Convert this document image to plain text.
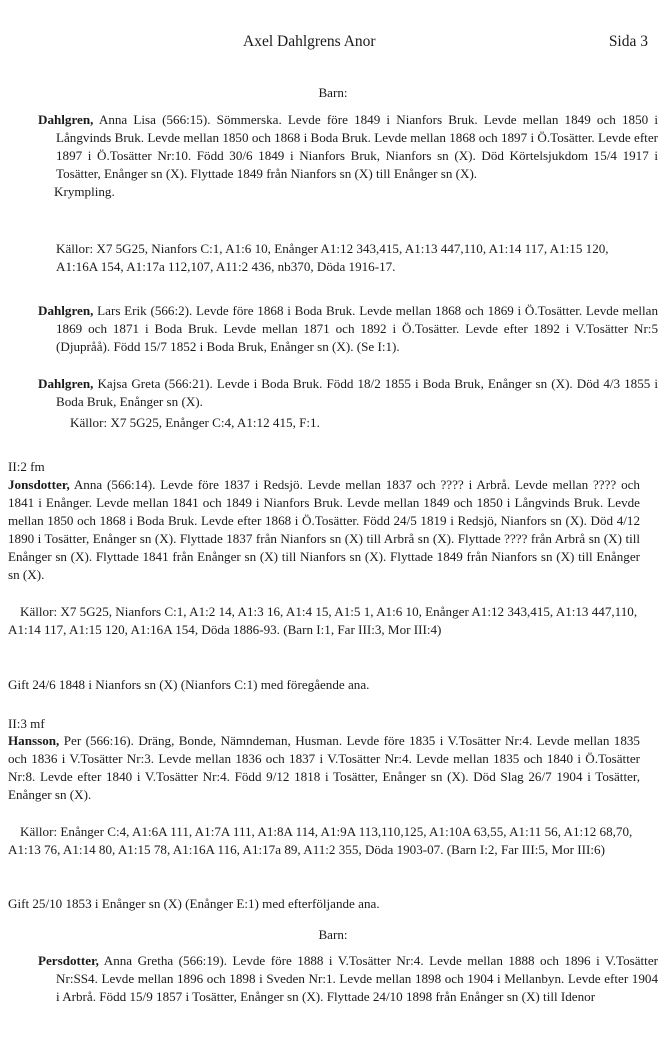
Axel Dahlgrens Anor	Sida 3
Barn:
Dahlgren, Anna Lisa (566:15). Sömmerska. Levde före 1849 i Nianfors Bruk. Levde mellan 1849 och 1850 i Långvinds Bruk. Levde mellan 1850 och 1868 i Boda Bruk. Levde mellan 1868 och 1897 i Ö.Tosätter. Levde efter 1897 i Ö.Tosätter Nr:10. Född 30/6 1849 i Nianfors Bruk, Nianfors sn (X). Död Körtelsjukdom 15/4 1917 i Tosätter, Enånger sn (X). Flyttade 1849 från Nianfors sn (X) till Enånger sn (X).
Krympling.
Källor: X7 5G25, Nianfors C:1, A1:6 10, Enånger A1:12 343,415, A1:13 447,110, A1:14 117, A1:15 120, A1:16A 154, A1:17a 112,107, A11:2 436, nb370, Döda 1916-17.
Dahlgren, Lars Erik (566:2). Levde före 1868 i Boda Bruk. Levde mellan 1868 och 1869 i Ö.Tosätter. Levde mellan 1869 och 1871 i Boda Bruk. Levde mellan 1871 och 1892 i Ö.Tosätter. Levde efter 1892 i V.Tosätter Nr:5 (Djupråå). Född 15/7 1852 i Boda Bruk, Enånger sn (X). (Se I:1).
Dahlgren, Kajsa Greta (566:21). Levde i Boda Bruk. Född 18/2 1855 i Boda Bruk, Enånger sn (X). Död 4/3 1855 i Boda Bruk, Enånger sn (X).
Källor: X7 5G25, Enånger C:4, A1:12 415, F:1.
II:2 fm
Jonsdotter, Anna (566:14). Levde före 1837 i Redsjö. Levde mellan 1837 och ???? i Arbrå. Levde mellan ???? och 1841 i Enånger. Levde mellan 1841 och 1849 i Nianfors Bruk. Levde mellan 1849 och 1850 i Långvinds Bruk. Levde mellan 1850 och 1868 i Boda Bruk. Levde efter 1868 i Ö.Tosätter. Född 24/5 1819 i Redsjö, Nianfors sn (X). Död 4/12 1890 i Tosätter, Enånger sn (X). Flyttade 1837 från Nianfors sn (X) till Arbrå sn (X). Flyttade ???? från Arbrå sn (X) till Enånger sn (X). Flyttade 1841 från Enånger sn (X) till Nianfors sn (X). Flyttade 1849 från Nianfors sn (X) till Enånger sn (X).
Källor: X7 5G25, Nianfors C:1, A1:2 14, A1:3 16, A1:4 15, A1:5 1, A1:6 10, Enånger A1:12 343,415, A1:13 447,110, A1:14 117, A1:15 120, A1:16A 154, Döda 1886-93. (Barn I:1, Far III:3, Mor III:4)
Gift 24/6 1848 i Nianfors sn (X) (Nianfors C:1) med föregående ana.
II:3 mf
Hansson, Per (566:16). Dräng, Bonde, Nämndeman, Husman. Levde före 1835 i V.Tosätter Nr:4. Levde mellan 1835 och 1836 i V.Tosätter Nr:3. Levde mellan 1836 och 1837 i V.Tosätter Nr:4. Levde mellan 1835 och 1840 i Ö.Tosätter Nr:8. Levde efter 1840 i V.Tosätter Nr:4. Född 9/12 1818 i Tosätter, Enånger sn (X). Död Slag 26/7 1904 i Tosätter, Enånger sn (X).
Källor: Enånger C:4, A1:6A 111, A1:7A 111, A1:8A 114, A1:9A 113,110,125, A1:10A 63,55, A1:11 56, A1:12 68,70, A1:13 76, A1:14 80, A1:15 78, A1:16A 116, A1:17a 89, A11:2 355, Döda 1903-07. (Barn I:2, Far III:5, Mor III:6)
Gift 25/10 1853 i Enånger sn (X) (Enånger E:1) med efterföljande ana.
Barn:
Persdotter, Anna Gretha (566:19). Levde före 1888 i V.Tosätter Nr:4. Levde mellan 1888 och 1896 i V.Tosätter Nr:SS4. Levde mellan 1896 och 1898 i Sveden Nr:1. Levde mellan 1898 och 1904 i Mellanbyn. Levde efter 1904 i Arbrå. Född 15/9 1857 i Tosätter, Enånger sn (X). Flyttade 24/10 1898 från Enånger sn (X) till Idenor
